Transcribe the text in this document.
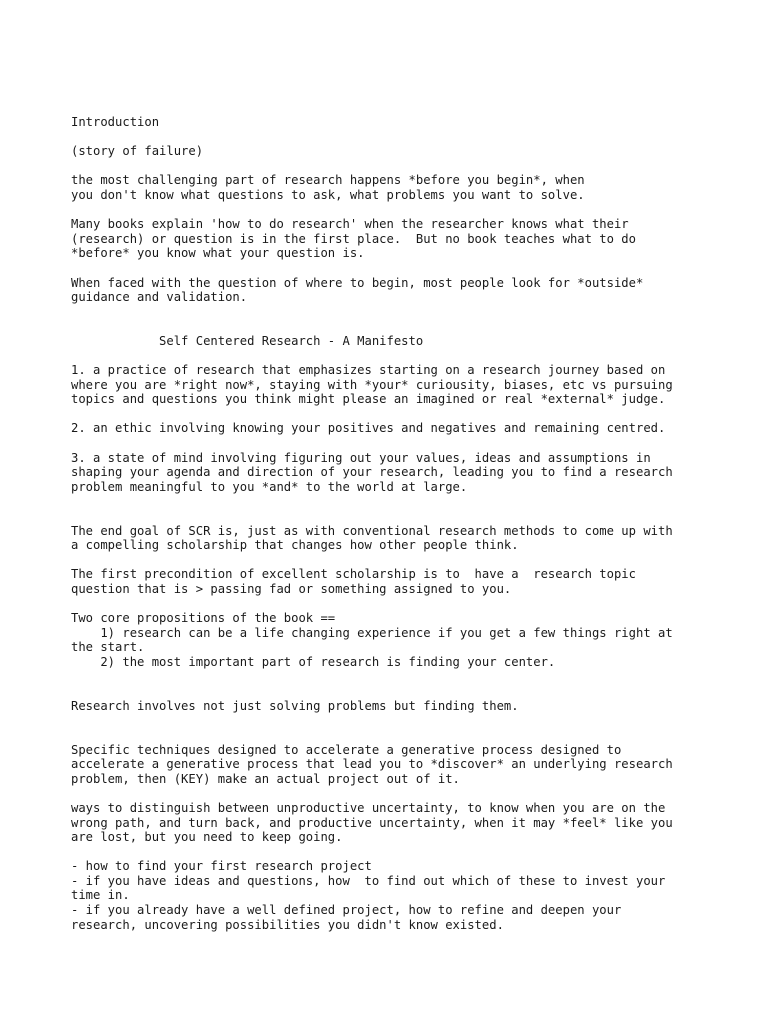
Introduction
(story of failure)
the most challenging part of research happens *before you begin*, when
you don't know what questions to ask, what problems you want to solve.
Many books explain 'how to do research' when the researcher knows what their
(research) or question is in the first place.  But no book teaches what to do
*before* you know what your question is.
When faced with the question of where to begin, most people look for *outside*
guidance and validation.
Self Centered Research - A Manifesto
1. a practice of research that emphasizes starting on a research journey based on
where you are *right now*, staying with *your* curiousity, biases, etc vs pursuing
topics and questions you think might please an imagined or real *external* judge.
2. an ethic involving knowing your positives and negatives and remaining centred.
3. a state of mind involving figuring out your values, ideas and assumptions in
shaping your agenda and direction of your research, leading you to find a research
problem meaningful to you *and* to the world at large.
The end goal of SCR is, just as with conventional research methods to come up with
a compelling scholarship that changes how other people think.
The first precondition of excellent scholarship is to  have a  research topic
question that is > passing fad or something assigned to you.
Two core propositions of the book ==
1) research can be a life changing experience if you get a few things right at
the start.
2) the most important part of research is finding your center.
Research involves not just solving problems but finding them.
Specific techniques designed to accelerate a generative process designed to
accelerate a generative process that lead you to *discover* an underlying research
problem, then (KEY) make an actual project out of it.
ways to distinguish between unproductive uncertainty, to know when you are on the
wrong path, and turn back, and productive uncertainty, when it may *feel* like you
are lost, but you need to keep going.
- how to find your first research project
- if you have ideas and questions, how  to find out which of these to invest your
time in.
- if you already have a well defined project, how to refine and deepen your
research, uncovering possibilities you didn't know existed.
